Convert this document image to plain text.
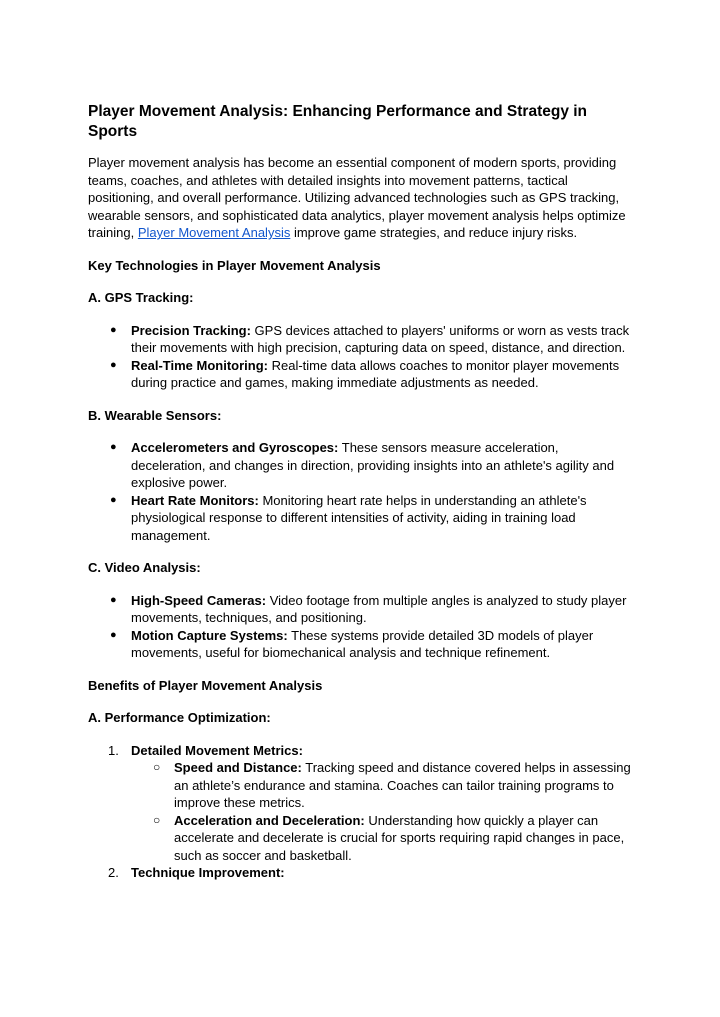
Player Movement Analysis: Enhancing Performance and Strategy in Sports

Player movement analysis has become an essential component of modern sports, providing teams, coaches, and athletes with detailed insights into movement patterns, tactical positioning, and overall performance. Utilizing advanced technologies such as GPS tracking, wearable sensors, and sophisticated data analytics, player movement analysis helps optimize training, Player Movement Analysis improve game strategies, and reduce injury risks.

Key Technologies in Player Movement Analysis
A. GPS Tracking:
● Precision Tracking: GPS devices attached to players' uniforms or worn as vests track their movements with high precision, capturing data on speed, distance, and direction.
● Real-Time Monitoring: Real-time data allows coaches to monitor player movements during practice and games, making immediate adjustments as needed.
B. Wearable Sensors:
● Accelerometers and Gyroscopes: These sensors measure acceleration, deceleration, and changes in direction, providing insights into an athlete's agility and explosive power.
● Heart Rate Monitors: Monitoring heart rate helps in understanding an athlete's physiological response to different intensities of activity, aiding in training load management.
C. Video Analysis:
● High-Speed Cameras: Video footage from multiple angles is analyzed to study player movements, techniques, and positioning.
● Motion Capture Systems: These systems provide detailed 3D models of player movements, useful for biomechanical analysis and technique refinement.
Benefits of Player Movement Analysis
A. Performance Optimization:
1. Detailed Movement Metrics:
○ Speed and Distance: Tracking speed and distance covered helps in assessing an athlete’s endurance and stamina. Coaches can tailor training programs to improve these metrics.
○ Acceleration and Deceleration: Understanding how quickly a player can accelerate and decelerate is crucial for sports requiring rapid changes in pace, such as soccer and basketball.
2. Technique Improvement:
